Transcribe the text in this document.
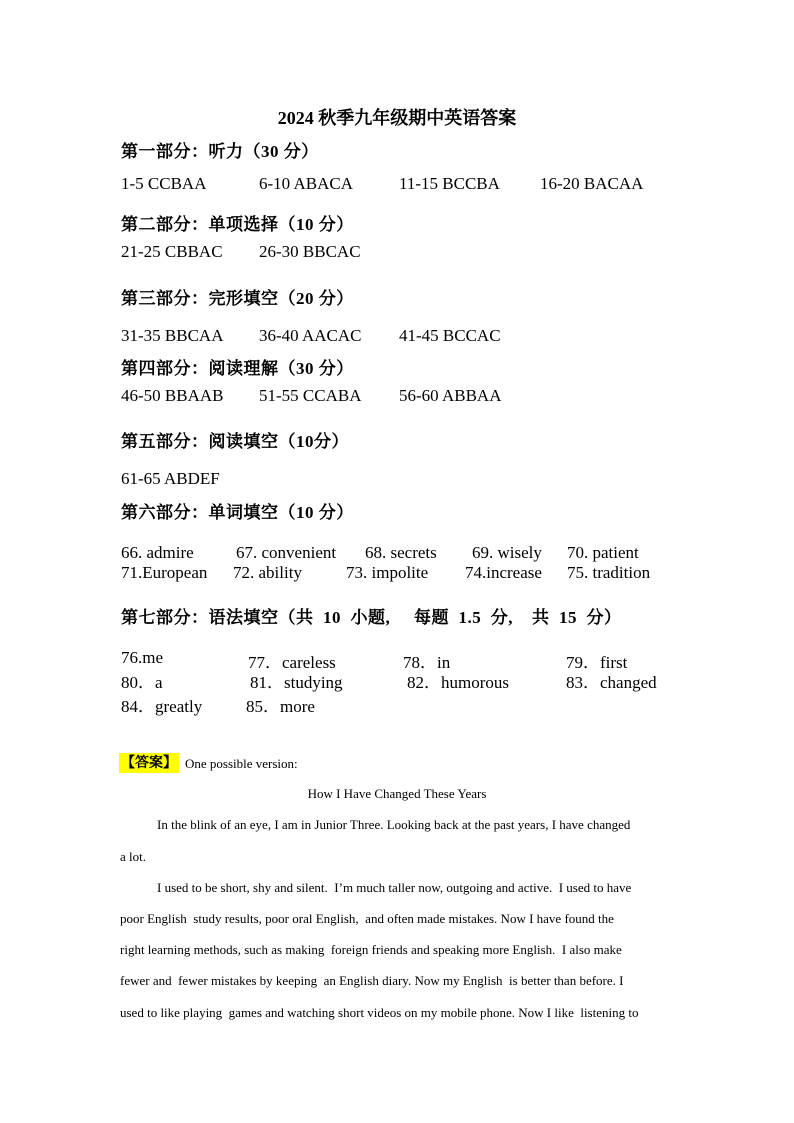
2024 秋季九年级期中英语答案
第一部分：听力（30 分）
1-5 CCBAA	6-10 ABACA	11-15 BCCBA 16-20 BACAA
第二部分：单项选择（10 分）
21-25 CBBAC 26-30 BBCAC
第三部分：完形填空（20 分）
31-35 BBCAA 36-40 AACAC 41-45 BCCAC
第四部分：阅读理解（30 分）
46-50 BBAAB 51-55 CCABA 56-60 ABBAA
第五部分：阅读填空（10分）
61-65 ABDEF
第六部分：单词填空（10 分）
66. admire 67. convenient 68. secrets 69. wisely 70. patient
71.European 72. ability	73. impolite 74.increase 75. tradition
第七部分：语法填空（共  10  小题,     每题  1.5  分,    共  15  分）
76.me	77．careless	78．in	79．first
80．a	81．studying	82．humorous	83．changed
84．greatly	85．more
【答案】 One possible version:
How I Have Changed These Years
In the blink of an eye, I am in Junior Three. Looking back at the past years, I have changed
a lot.
I used to be short, shy and silent.  I’m much taller now, outgoing and active.  I used to have
poor English  study results, poor oral English,  and often made mistakes. Now I have found the
right learning methods, such as making  foreign friends and speaking more English.  I also make
fewer and  fewer mistakes by keeping  an English diary. Now my English  is better than before. I
used to like playing  games and watching short videos on my mobile phone. Now I like  listening to
